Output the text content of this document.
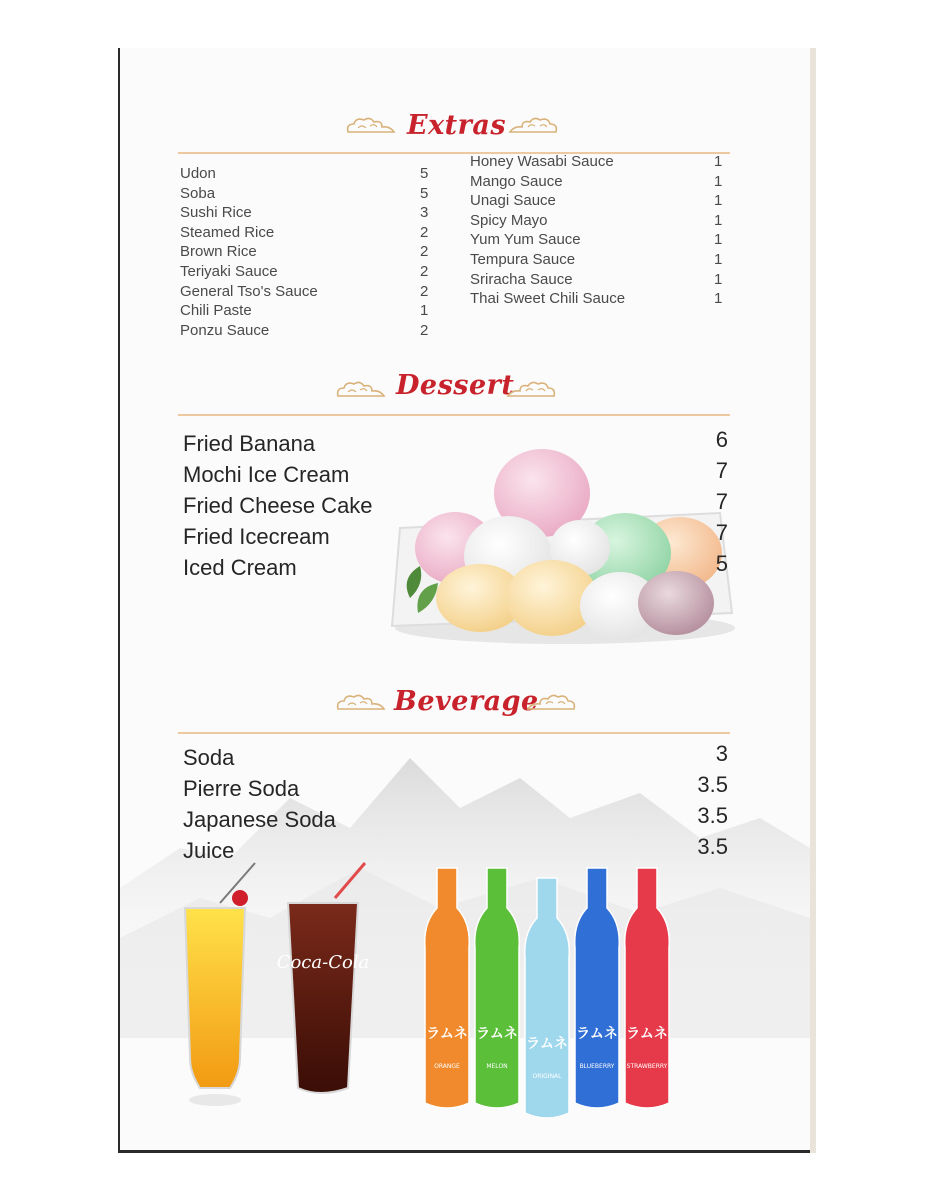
Extras
Udon	5
Soba	5
Sushi Rice	3
Steamed Rice	2
Brown Rice	2
Teriyaki Sauce	2
General Tso's Sauce	2
Chili Paste	1
Ponzu Sauce	2
Honey Wasabi Sauce	1
Mango Sauce	1
Unagi Sauce	1
Spicy Mayo	1
Yum Yum Sauce	1
Tempura Sauce	1
Sriracha Sauce	1
Thai Sweet Chili Sauce	1
Dessert
Fried Banana	6
Mochi Ice Cream	7
Fried Cheese Cake	7
Fried Icecream	7
Iced Cream	5
Beverage
Soda	3
Pierre Soda	3.5
Japanese Soda	3.5
Juice	3.5
Coca-Cola
ラムネ
ORANGE
ラムネ
MELON
ラムネ
ORIGINAL
ラムネ
BLUEBERRY
ラムネ
STRAWBERRY
